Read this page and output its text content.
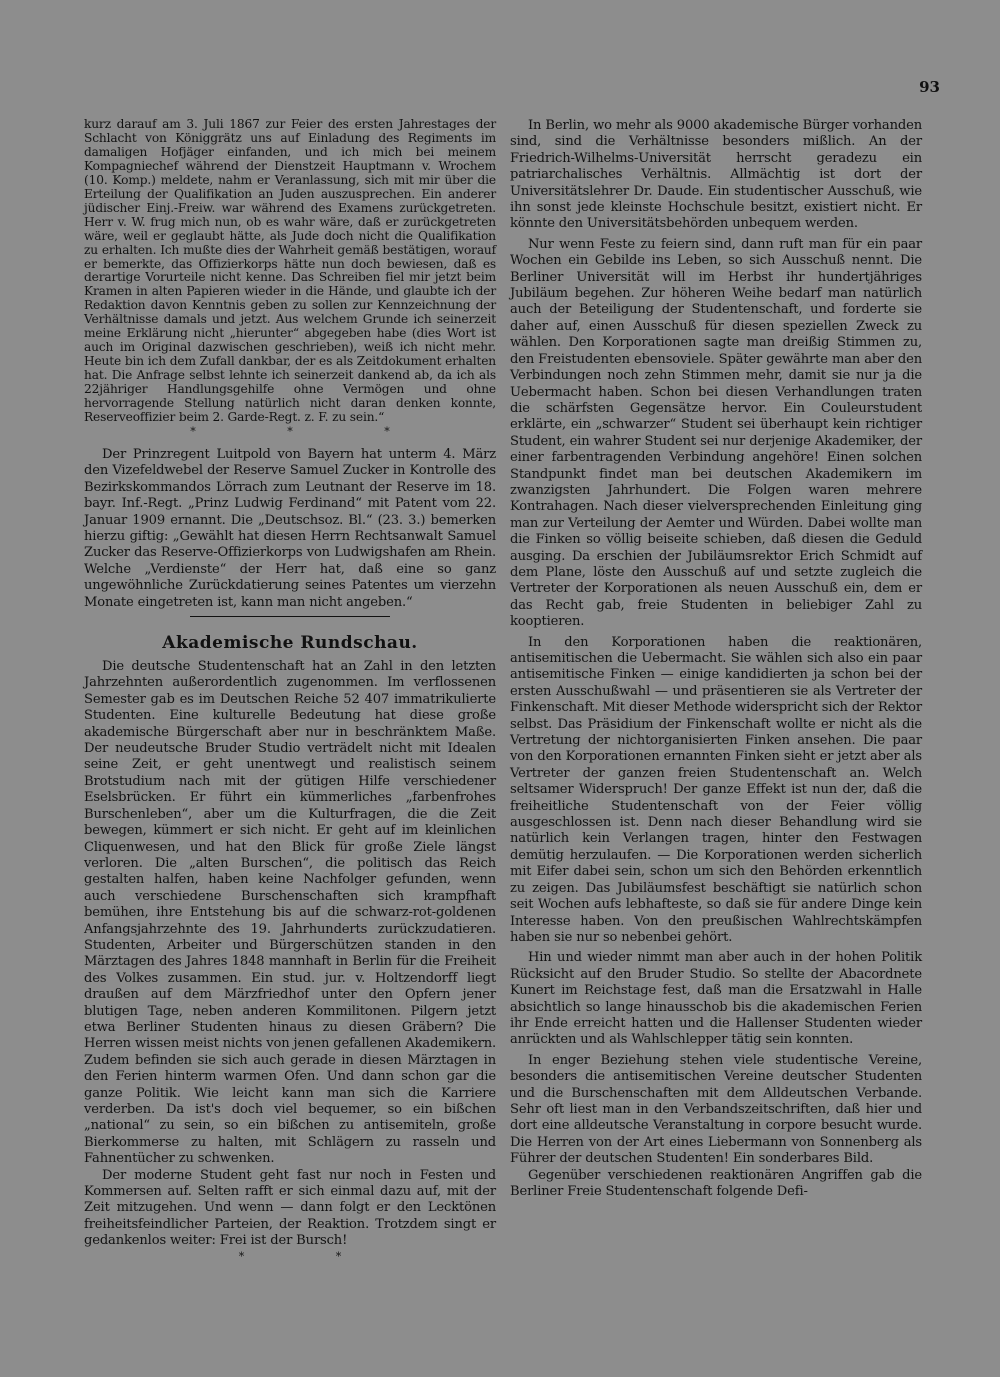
93

kurz darauf am 3. Juli 1867 zur Feier des ersten Jahrestages der Schlacht von Königgrätz uns auf Einladung des Regiments im damaligen Hofjäger einfanden, und ich mich bei meinem Kompagniechef während der Dienstzeit Hauptmann v. Wrochem (10. Komp.) meldete, nahm er Veranlassung, sich mit mir über die Erteilung der Qualifikation an Juden auszusprechen. Ein anderer jüdischer Einj.-Freiw. war während des Examens zurückgetreten. Herr v. W. frug mich nun, ob es wahr wäre, daß er zurückgetreten wäre, weil er geglaubt hätte, als Jude doch nicht die Qualifikation zu erhalten. Ich mußte dies der Wahrheit gemäß bestätigen, worauf er bemerkte, das Offizierkorps hätte nun doch bewiesen, daß es derartige Vorurteile nicht kenne. Das Schreiben fiel mir jetzt beim Kramen in alten Papieren wieder in die Hände, und glaubte ich der Redaktion davon Kenntnis geben zu sollen zur Kennzeichnung der Verhältnisse damals und jetzt. Aus welchem Grunde ich seinerzeit meine Erklärung nicht „hierunter“ abgegeben habe (dies Wort ist auch im Original dazwischen geschrieben), weiß ich nicht mehr. Heute bin ich dem Zufall dankbar, der es als Zeitdokument erhalten hat. Die Anfrage selbst lehnte ich seinerzeit dankend ab, da ich als 22jähriger Handlungsgehilfe ohne Vermögen und ohne hervorragende Stellung natürlich nicht daran denken konnte, Reserveoffizier beim 2. Garde-Regt. z. F. zu sein.“

* * *

Der Prinzregent Luitpold von Bayern hat unterm 4. März den Vizefeldwebel der Reserve Samuel Zucker in Kontrolle des Bezirkskommandos Lörrach zum Leutnant der Reserve im 18. bayr. Inf.-Regt. „Prinz Ludwig Ferdinand“ mit Patent vom 22. Januar 1909 ernannt. Die „Deutschsoz. Bl.“ (23. 3.) bemerken hierzu giftig: „Gewählt hat diesen Herrn Rechtsanwalt Samuel Zucker das Reserve-Offizierkorps von Ludwigshafen am Rhein. Welche „Verdienste“ der Herr hat, daß eine so ganz ungewöhnliche Zurückdatierung seines Patentes um vierzehn Monate eingetreten ist, kann man nicht angeben.“

Akademische Rundschau.

Die deutsche Studentenschaft hat an Zahl in den letzten Jahrzehnten außerordentlich zugenommen. Im verflossenen Semester gab es im Deutschen Reiche 52 407 immatrikulierte Studenten. Eine kulturelle Bedeutung hat diese große akademische Bürgerschaft aber nur in beschränktem Maße. Der neudeutsche Bruder Studio verträdelt nicht mit Idealen seine Zeit, er geht unentwegt und realistisch seinem Brotstudium nach mit der gütigen Hilfe verschiedener Eselsbrücken. Er führt ein kümmerliches „farbenfrohes Burschenleben“, aber um die Kulturfragen, die die Zeit bewegen, kümmert er sich nicht. Er geht auf im kleinlichen Cliquenwesen, und hat den Blick für große Ziele längst verloren. Die „alten Burschen“, die politisch das Reich gestalten halfen, haben keine Nachfolger gefunden, wenn auch verschiedene Burschenschaften sich krampfhaft bemühen, ihre Entstehung bis auf die schwarz-rot-goldenen Anfangsjahrzehnte des 19. Jahrhunderts zurückzudatieren. Studenten, Arbeiter und Bürgerschützen standen in den Märztagen des Jahres 1848 mannhaft in Berlin für die Freiheit des Volkes zusammen. Ein stud. jur. v. Holtzendorff liegt draußen auf dem Märzfriedhof unter den Opfern jener blutigen Tage, neben anderen Kommilitonen. Pilgern jetzt etwa Berliner Studenten hinaus zu diesen Gräbern? Die Herren wissen meist nichts von jenen gefallenen Akademikern. Zudem befinden sie sich auch gerade in diesen Märztagen in den Ferien hinterm warmen Ofen. Und dann schon gar die ganze Politik. Wie leicht kann man sich die Karriere verderben. Da ist's doch viel bequemer, so ein bißchen „national“ zu sein, so ein bißchen zu antisemiteln, große Bierkommerse zu halten, mit Schlägern zu rasseln und Fahnentücher zu schwenken.

Der moderne Student geht fast nur noch in Festen und Kommersen auf. Selten rafft er sich einmal dazu auf, mit der Zeit mitzugehen. Und wenn — dann folgt er den Lecktönen freiheitsfeindlicher Parteien, der Reaktion. Trotzdem singt er gedankenlos weiter: Frei ist der Bursch!

* *

In Berlin, wo mehr als 9000 akademische Bürger vorhanden sind, sind die Verhältnisse besonders mißlich. An der Friedrich-Wilhelms-Universität herrscht geradezu ein patriarchalisches Verhältnis. Allmächtig ist dort der Universitätslehrer Dr. Daude. Ein studentischer Ausschuß, wie ihn sonst jede kleinste Hochschule besitzt, existiert nicht. Er könnte den Universitätsbehörden unbequem werden.

Nur wenn Feste zu feiern sind, dann ruft man für ein paar Wochen ein Gebilde ins Leben, so sich Ausschuß nennt. Die Berliner Universität will im Herbst ihr hundertjähriges Jubiläum begehen. Zur höheren Weihe bedarf man natürlich auch der Beteiligung der Studentenschaft, und forderte sie daher auf, einen Ausschuß für diesen speziellen Zweck zu wählen. Den Korporationen sagte man dreißig Stimmen zu, den Freistudenten ebensoviele. Später gewährte man aber den Verbindungen noch zehn Stimmen mehr, damit sie nur ja die Uebermacht haben. Schon bei diesen Verhandlungen traten die schärfsten Gegensätze hervor. Ein Couleurstudent erklärte, ein „schwarzer“ Student sei überhaupt kein richtiger Student, ein wahrer Student sei nur derjenige Akademiker, der einer farbentragenden Verbindung angehöre! Einen solchen Standpunkt findet man bei deutschen Akademikern im zwanzigsten Jahrhundert. Die Folgen waren mehrere Kontrahagen. Nach dieser vielversprechenden Einleitung ging man zur Verteilung der Aemter und Würden. Dabei wollte man die Finken so völlig beiseite schieben, daß diesen die Geduld ausging. Da erschien der Jubiläumsrektor Erich Schmidt auf dem Plane, löste den Ausschuß auf und setzte zugleich die Vertreter der Korporationen als neuen Ausschuß ein, dem er das Recht gab, freie Studenten in beliebiger Zahl zu kooptieren.

In den Korporationen haben die reaktionären, antisemitischen die Uebermacht. Sie wählen sich also ein paar antisemitische Finken — einige kandidierten ja schon bei der ersten Ausschußwahl — und präsentieren sie als Vertreter der Finkenschaft. Mit dieser Methode widerspricht sich der Rektor selbst. Das Präsidium der Finkenschaft wollte er nicht als die Vertretung der nichtorganisierten Finken ansehen. Die paar von den Korporationen ernannten Finken sieht er jetzt aber als Vertreter der ganzen freien Studentenschaft an. Welch seltsamer Widerspruch! Der ganze Effekt ist nun der, daß die freiheitliche Studentenschaft von der Feier völlig ausgeschlossen ist. Denn nach dieser Behandlung wird sie natürlich kein Verlangen tragen, hinter den Festwagen demütig herzulaufen. — Die Korporationen werden sicherlich mit Eifer dabei sein, schon um sich den Behörden erkenntlich zu zeigen. Das Jubiläumsfest beschäftigt sie natürlich schon seit Wochen aufs lebhafteste, so daß sie für andere Dinge kein Interesse haben. Von den preußischen Wahlrechtskämpfen haben sie nur so nebenbei gehört.

Hin und wieder nimmt man aber auch in der hohen Politik Rücksicht auf den Bruder Studio. So stellte der Abacordnete Kunert im Reichstage fest, daß man die Ersatzwahl in Halle absichtlich so lange hinausschob bis die akademischen Ferien ihr Ende erreicht hatten und die Hallenser Studenten wieder anrückten und als Wahlschlepper tätig sein konnten.

In enger Beziehung stehen viele studentische Vereine, besonders die antisemitischen Vereine deutscher Studenten und die Burschenschaften mit dem Alldeutschen Verbande. Sehr oft liest man in den Verbandszeitschriften, daß hier und dort eine alldeutsche Veranstaltung in corpore besucht wurde. Die Herren von der Art eines Liebermann von Sonnenberg als Führer der deutschen Studenten! Ein sonderbares Bild.

Gegenüber verschiedenen reaktionären Angriffen gab die Berliner Freie Studentenschaft folgende Defi-
